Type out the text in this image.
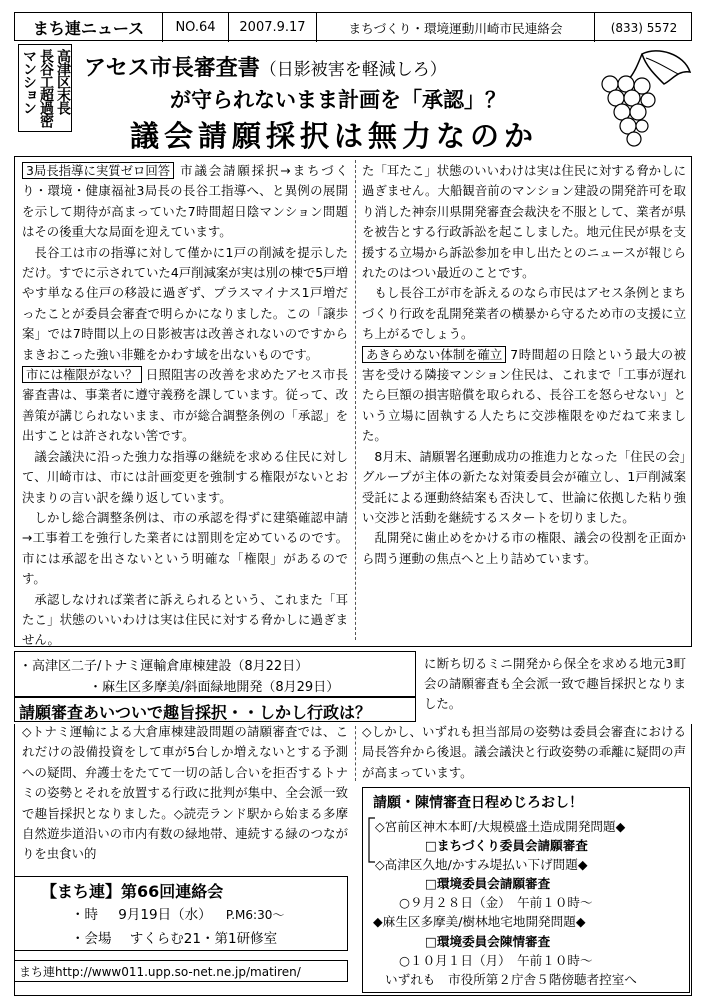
まち連ニュース	NO.64	2007.9.17	まちづくり・環境運動川崎市民連絡会	(833) 5572
高津区末長
長谷工超過密
マンション アセス市長審査書（日影被害を軽減しろ）
が守られないまま計画を「承認」？
議会請願採択は無力なのか

3局長指導に実質ゼロ回答 市議会請願採択→まちづくり・環境・健康福祉3局長の長谷工指導へ、と異例の展開を示して期待が高まっていた7時間超日陰マンション問題はその後重大な局面を迎えています。

長谷工は市の指導に対して僅かに1戸の削減を提示しただけ。すでに示されていた4戸削減案が実は別の棟で5戸増やす単なる住戸の移設に過ぎず、プラスマイナス1戸増だったことが委員会審査で明らかになりました。この「譲歩案」では7時間以上の日影被害は改善されないのですからまきおこった強い非難をかわす域を出ないものです。

市には権限がない？ 日照阻害の改善を求めたアセス市長審査書は、事業者に遵守義務を課しています。従って、改善策が講じられないまま、市が総合調整条例の「承認」を出すことは許されない筈です。

議会議決に沿った強力な指導の継続を求める住民に対して、川崎市は、市には計画変更を強制する権限がないとお決まりの言い訳を繰り返しています。

しかし総合調整条例は、市の承認を得ずに建築確認申請→工事着工を強行した業者には罰則を定めているのです。市には承認を出さないという明確な「権限」があるのです。

承認しなければ業者に訴えられるという、これまた「耳たこ」状態のいいわけは実は住民に対する脅かしに過ぎません。

た「耳たこ」状態のいいわけは実は住民に対する脅かしに過ぎません。大船観音前のマンション建設の開発許可を取り消した神奈川県開発審査会裁決を不服として、業者が県を被告とする行政訴訟を起こしました。地元住民が県を支援する立場から訴訟参加を申し出たとのニュースが報じられたのはつい最近のことです。

もし長谷工が市を訴えるのなら市民はアセス条例とまちづくり行政を乱開発業者の横暴から守るため市の支援に立ち上がるでしょう。

あきらめない体制を確立 7時間超の日陰という最大の被害を受ける隣接マンション住民は、これまで「工事が遅れたら巨額の損害賠償を取られる、長谷工を怒らせない」という立場に固執する人たちに交渉権限をゆだねて来ました。

8月末、請願署名運動成功の推進力となった「住民の会」グループが主体の新たな対策委員会が確立し、1戸削減案受託による運動終結案も否決して、世論に依拠した粘り強い交渉と活動を継続するスタートを切りました。

乱開発に歯止めをかける市の権限、議会の役割を正面から問う運動の焦点へと上り詰めています。

・高津区二子/トナミ運輸倉庫棟建設（8月22日）
・麻生区多摩美/斜面緑地開発（8月29日）
請願審査あいついで趣旨採択・・しかし行政は？
に断ち切るミニ開発から保全を求める地元3町会の請願審査も全会派一致で趣旨採択となりました。
◇トナミ運輸による大倉庫棟建設問題の請願審査では、これだけの設備投資をして車が5台しか増えないとする予測への疑問、弁護士をたてて一切の話し合いを拒否するトナミの姿勢とそれを放置する行政に批判が集中、全会派一致で趣旨採択となりました。◇読売ランド駅から始まる多摩自然遊歩道沿いの市内有数の緑地帯、連続する緑のつながりを虫食い的
◇しかし、いずれも担当部局の姿勢は委員会審査における局長答弁から後退。議会議決と行政姿勢の乖離に疑問の声が高まっています。
【まち連】第66回連絡会
・時 9月19日（水） P.M6:30～
・会場 すくらむ21・第1研修室
まち連http://www011.upp.so-net.ne.jp/matiren/
請願・陳情審査日程めじろおし！
◇宮前区神木本町/大規模盛土造成開発問題◆
□まちづくり委員会請願審査
◇高津区久地/かすみ堤払い下げ問題◆
□環境委員会請願審査
○９月２８日（金）　午前１０時～
◆麻生区多摩美/樹林地宅地開発問題◆
□環境委員会陳情審査
○１０月１日（月）　午前１０時～
いずれも　市役所第２庁舎５階傍聴者控室へ
